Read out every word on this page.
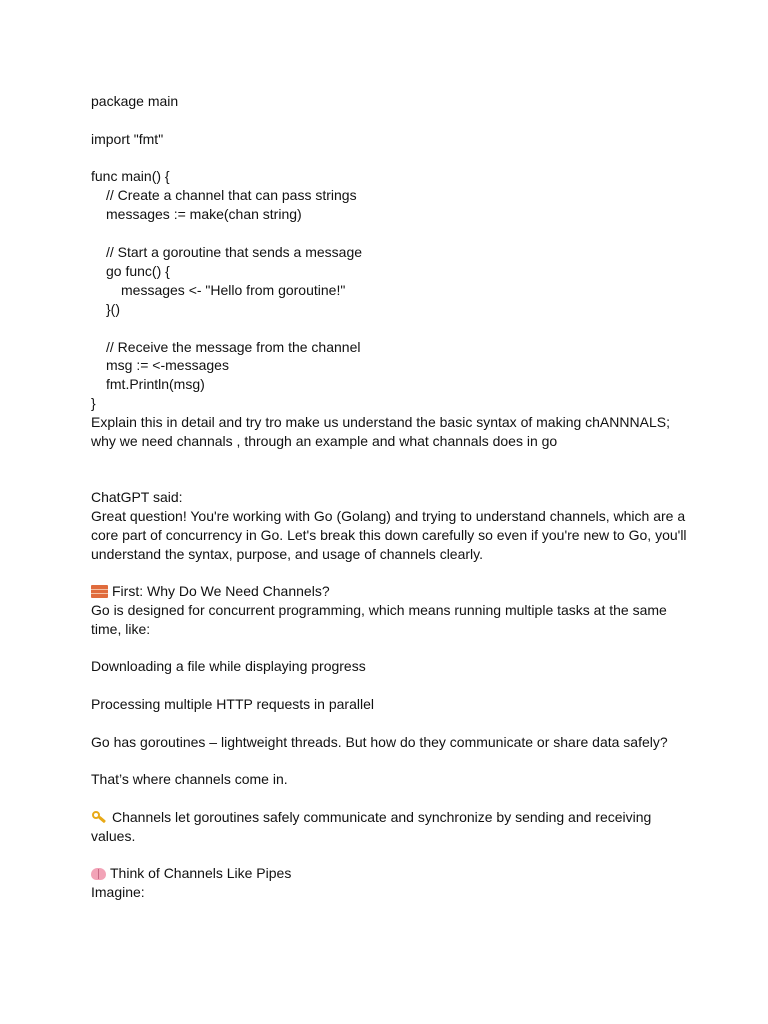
package main
import "fmt"
func main() {
// Create a channel that can pass strings
messages := make(chan string)
// Start a goroutine that sends a message
go func() {
messages <- "Hello from goroutine!"
}()
// Receive the message from the channel
msg := <-messages
fmt.Println(msg)
}
Explain this in detail and try tro make us understand the basic syntax of making chANNNALS;
why we need channals , through an example and what channals does in go
ChatGPT said:
Great question! You're working with Go (Golang) and trying to understand channels, which are a
core part of concurrency in Go. Let's break this down carefully so even if you're new to Go, you'll
understand the syntax, purpose, and usage of channels clearly.
First: Why Do We Need Channels?
Go is designed for concurrent programming, which means running multiple tasks at the same
time, like:
Downloading a file while displaying progress
Processing multiple HTTP requests in parallel
Go has goroutines – lightweight threads. But how do they communicate or share data safely?
That’s where channels come in.
Channels let goroutines safely communicate and synchronize by sending and receiving
values.
Think of Channels Like Pipes
Imagine:
